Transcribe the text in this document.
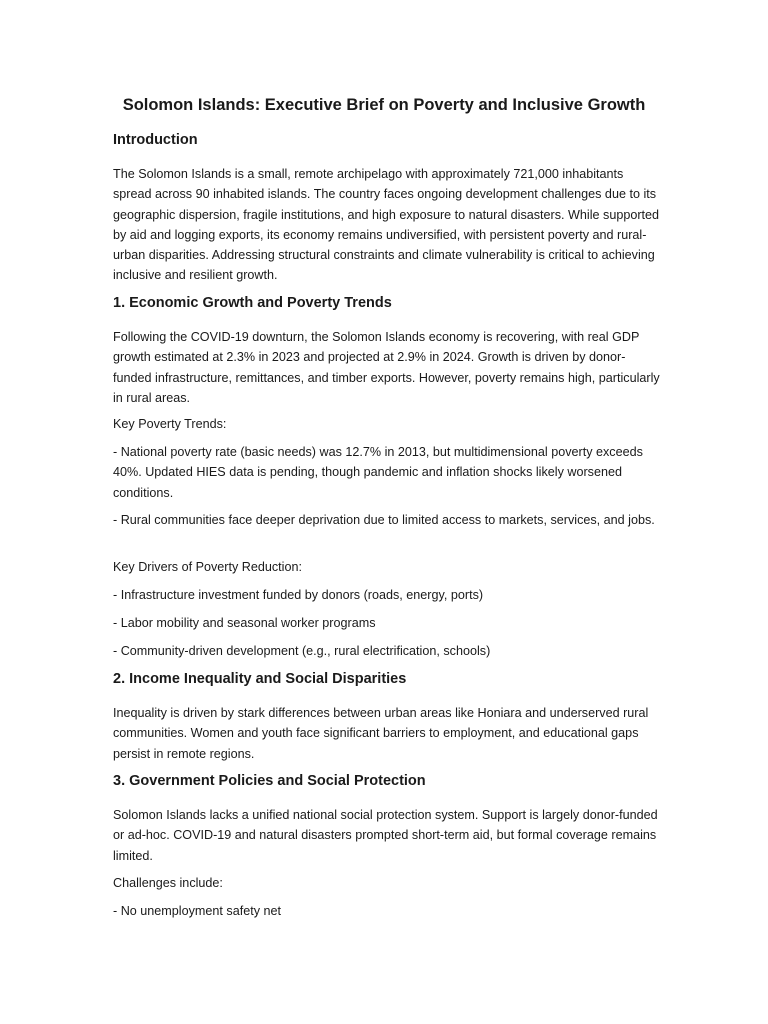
Solomon Islands: Executive Brief on Poverty and Inclusive Growth
Introduction

The Solomon Islands is a small, remote archipelago with approximately 721,000 inhabitants spread across 90 inhabited islands. The country faces ongoing development challenges due to its geographic dispersion, fragile institutions, and high exposure to natural disasters. While supported by aid and logging exports, its economy remains undiversified, with persistent poverty and rural-urban disparities. Addressing structural constraints and climate vulnerability is critical to achieving inclusive and resilient growth.

1. Economic Growth and Poverty Trends

Following the COVID-19 downturn, the Solomon Islands economy is recovering, with real GDP growth estimated at 2.3% in 2023 and projected at 2.9% in 2024. Growth is driven by donor-funded infrastructure, remittances, and timber exports. However, poverty remains high, particularly in rural areas.

Key Poverty Trends:

- National poverty rate (basic needs) was 12.7% in 2013, but multidimensional poverty exceeds 40%. Updated HIES data is pending, though pandemic and inflation shocks likely worsened conditions.

- Rural communities face deeper deprivation due to limited access to markets, services, and jobs.

Key Drivers of Poverty Reduction:

- Infrastructure investment funded by donors (roads, energy, ports)

- Labor mobility and seasonal worker programs

- Community-driven development (e.g., rural electrification, schools)

2. Income Inequality and Social Disparities

Inequality is driven by stark differences between urban areas like Honiara and underserved rural communities. Women and youth face significant barriers to employment, and educational gaps persist in remote regions.

3. Government Policies and Social Protection

Solomon Islands lacks a unified national social protection system. Support is largely donor-funded or ad-hoc. COVID-19 and natural disasters prompted short-term aid, but formal coverage remains limited.

Challenges include:

- No unemployment safety net
